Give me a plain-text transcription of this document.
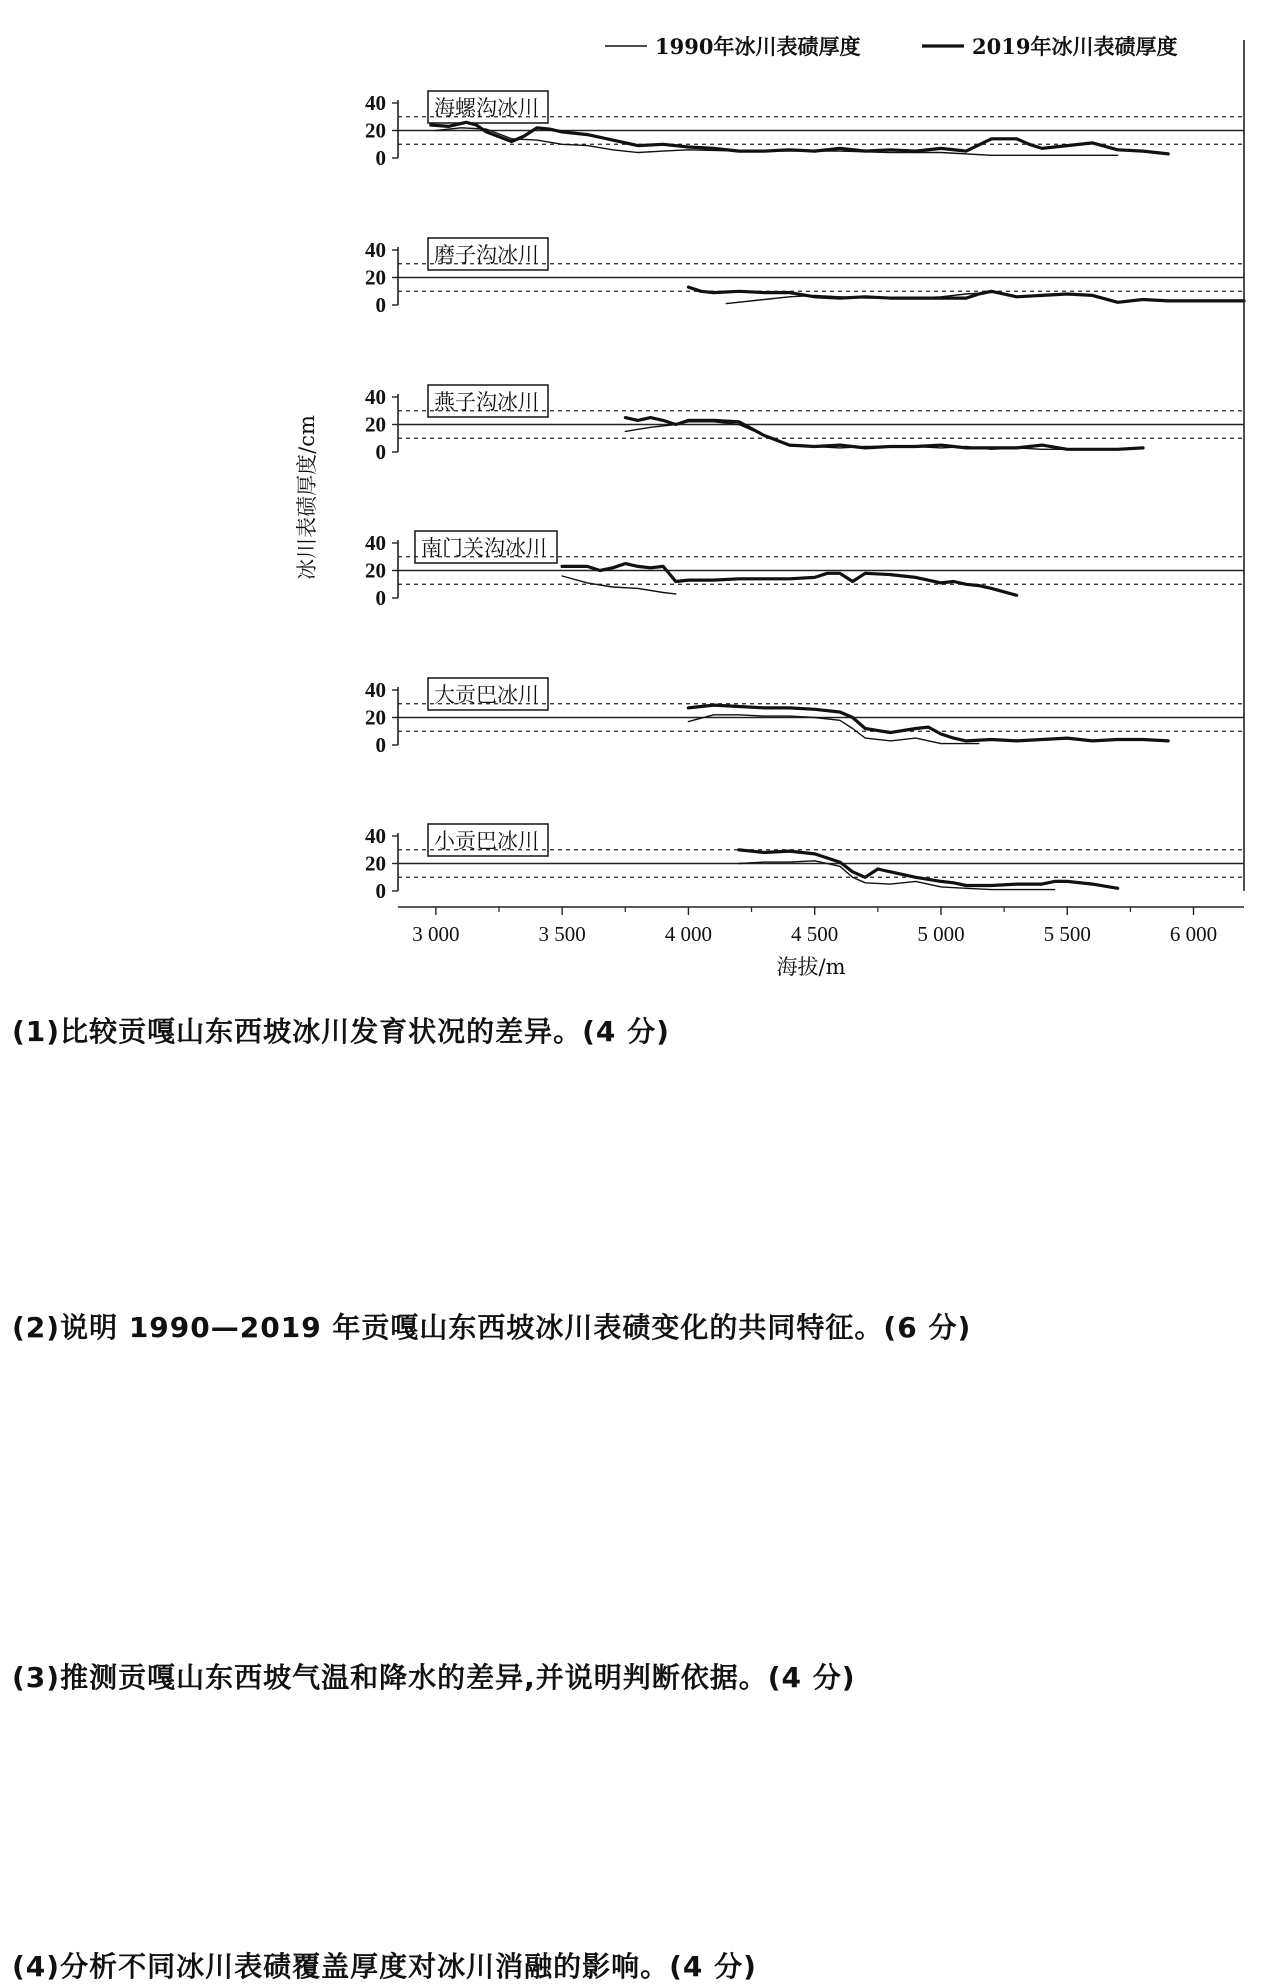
0
20
40 海螺沟冰川
0
20
40 磨子沟冰川
0
20
40 燕子沟冰川
0
20
40 南门关沟冰川
0
20
40 大贡巴冰川
0
20
40 小贡巴冰川
3 000	3 500	4 000	4 500	5 000	5 500	6 000
海拔/m
冰川表碛厚度/cm
1990年冰川表碛厚度	2019年冰川表碛厚度
(1)比较贡嘎山东西坡冰川发育状况的差异。(4 分)
(2)说明 1990—2019 年贡嘎山东西坡冰川表碛变化的共同特征。(6 分)
(3)推测贡嘎山东西坡气温和降水的差异,并说明判断依据。(4 分)
(4)分析不同冰川表碛覆盖厚度对冰川消融的影响。(4 分)
